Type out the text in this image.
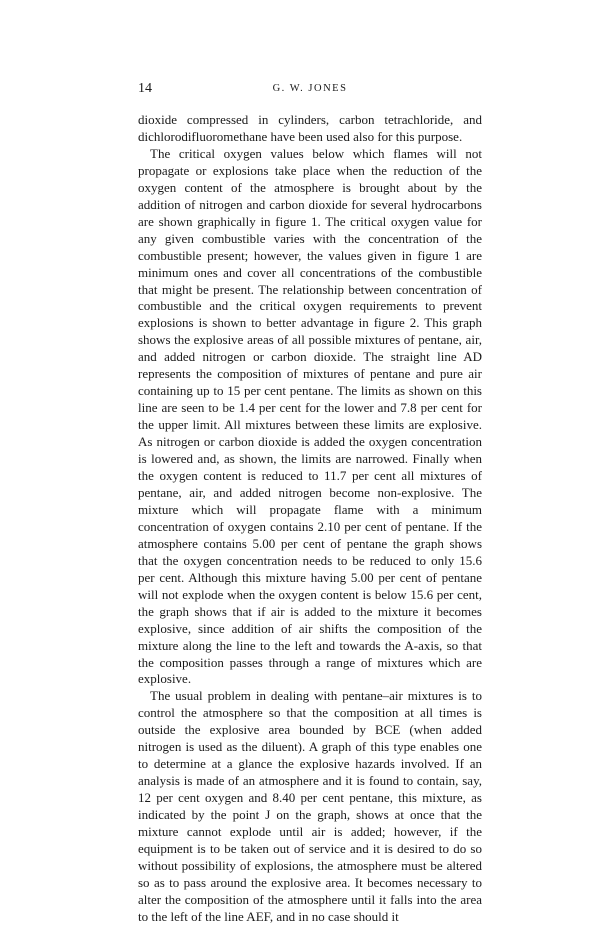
14	G. W. JONES

dioxide compressed in cylinders, carbon tetrachloride, and dichlorodifluoromethane have been used also for this purpose.

The critical oxygen values below which flames will not propagate or explosions take place when the reduction of the oxygen content of the atmosphere is brought about by the addition of nitrogen and carbon dioxide for several hydrocarbons are shown graphically in figure 1. The critical oxygen value for any given combustible varies with the concentration of the combustible present; however, the values given in figure 1 are minimum ones and cover all concentrations of the combustible that might be present. The relationship between concentration of combustible and the critical oxygen requirements to prevent explosions is shown to better advantage in figure 2. This graph shows the explosive areas of all possible mixtures of pentane, air, and added nitrogen or carbon dioxide. The straight line AD represents the composition of mixtures of pentane and pure air containing up to 15 per cent pentane. The limits as shown on this line are seen to be 1.4 per cent for the lower and 7.8 per cent for the upper limit. All mixtures between these limits are explosive. As nitrogen or carbon dioxide is added the oxygen concentration is lowered and, as shown, the limits are narrowed. Finally when the oxygen content is reduced to 11.7 per cent all mixtures of pentane, air, and added nitrogen become non-explosive. The mixture which will propagate flame with a minimum concentration of oxygen contains 2.10 per cent of pentane. If the atmosphere contains 5.00 per cent of pentane the graph shows that the oxygen concentration needs to be reduced to only 15.6 per cent. Although this mixture having 5.00 per cent of pentane will not explode when the oxygen content is below 15.6 per cent, the graph shows that if air is added to the mixture it becomes explosive, since addition of air shifts the composition of the mixture along the line to the left and towards the A-axis, so that the composition passes through a range of mixtures which are explosive.

The usual problem in dealing with pentane–air mixtures is to control the atmosphere so that the composition at all times is outside the explosive area bounded by BCE (when added nitrogen is used as the diluent). A graph of this type enables one to determine at a glance the explosive hazards involved. If an analysis is made of an atmosphere and it is found to contain, say, 12 per cent oxygen and 8.40 per cent pentane, this mixture, as indicated by the point J on the graph, shows at once that the mixture cannot explode until air is added; however, if the equipment is to be taken out of service and it is desired to do so without possibility of explosions, the atmosphere must be altered so as to pass around the explosive area. It becomes necessary to alter the composition of the atmosphere until it falls into the area to the left of the line AEF, and in no case should it
